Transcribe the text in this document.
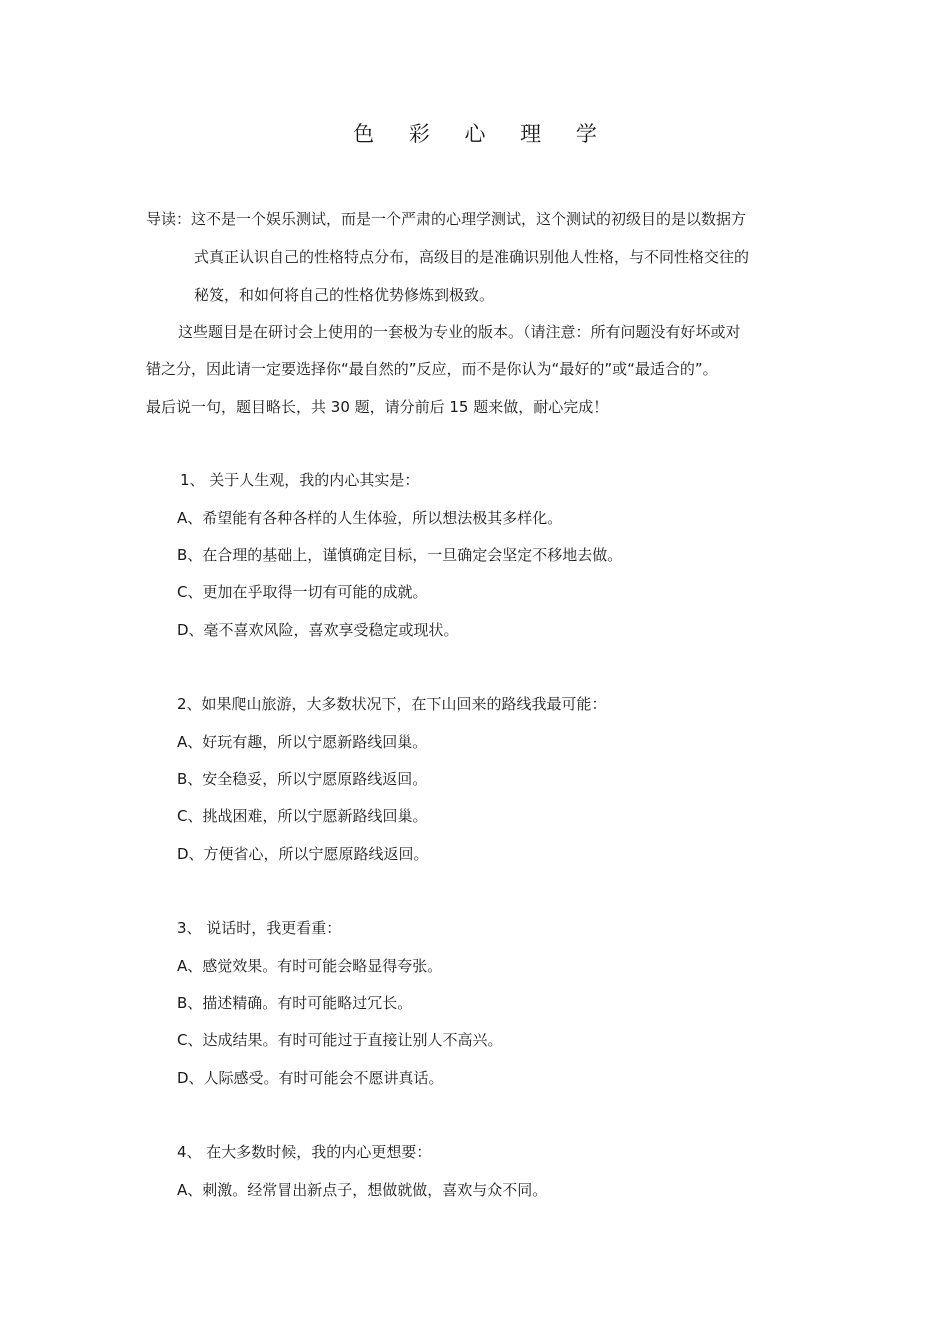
色 彩 心 理 学
导读：这不是一个娱乐测试，而是一个严肃的心理学测试，这个测试的初级目的是以数据方
式真正认识自己的性格特点分布，高级目的是准确识别他人性格，与不同性格交往的
秘笈，和如何将自己的性格优势修炼到极致。
这些题目是在研讨会上使用的一套极为专业的版本。（请注意：所有问题没有好坏或对
错之分，因此请一定要选择你“最自然的”反应，而不是你认为“最好的”或“最适合的”。
最后说一句，题目略长，共 30 题，请分前后 15 题来做，耐心完成！
1、 关于人生观，我的内心其实是：
A、希望能有各种各样的人生体验，所以想法极其多样化。
B、在合理的基础上，谨慎确定目标，一旦确定会坚定不移地去做。
C、更加在乎取得一切有可能的成就。
D、毫不喜欢风险，喜欢享受稳定或现状。
2、如果爬山旅游，大多数状况下，在下山回来的路线我最可能：
A、好玩有趣，所以宁愿新路线回巢。
B、安全稳妥，所以宁愿原路线返回。
C、挑战困难，所以宁愿新路线回巢。
D、方便省心，所以宁愿原路线返回。
3、 说话时，我更看重：
A、感觉效果。有时可能会略显得夸张。
B、描述精确。有时可能略过冗长。
C、达成结果。有时可能过于直接让别人不高兴。
D、人际感受。有时可能会不愿讲真话。
4、 在大多数时候，我的内心更想要：
A、刺激。经常冒出新点子，想做就做，喜欢与众不同。
